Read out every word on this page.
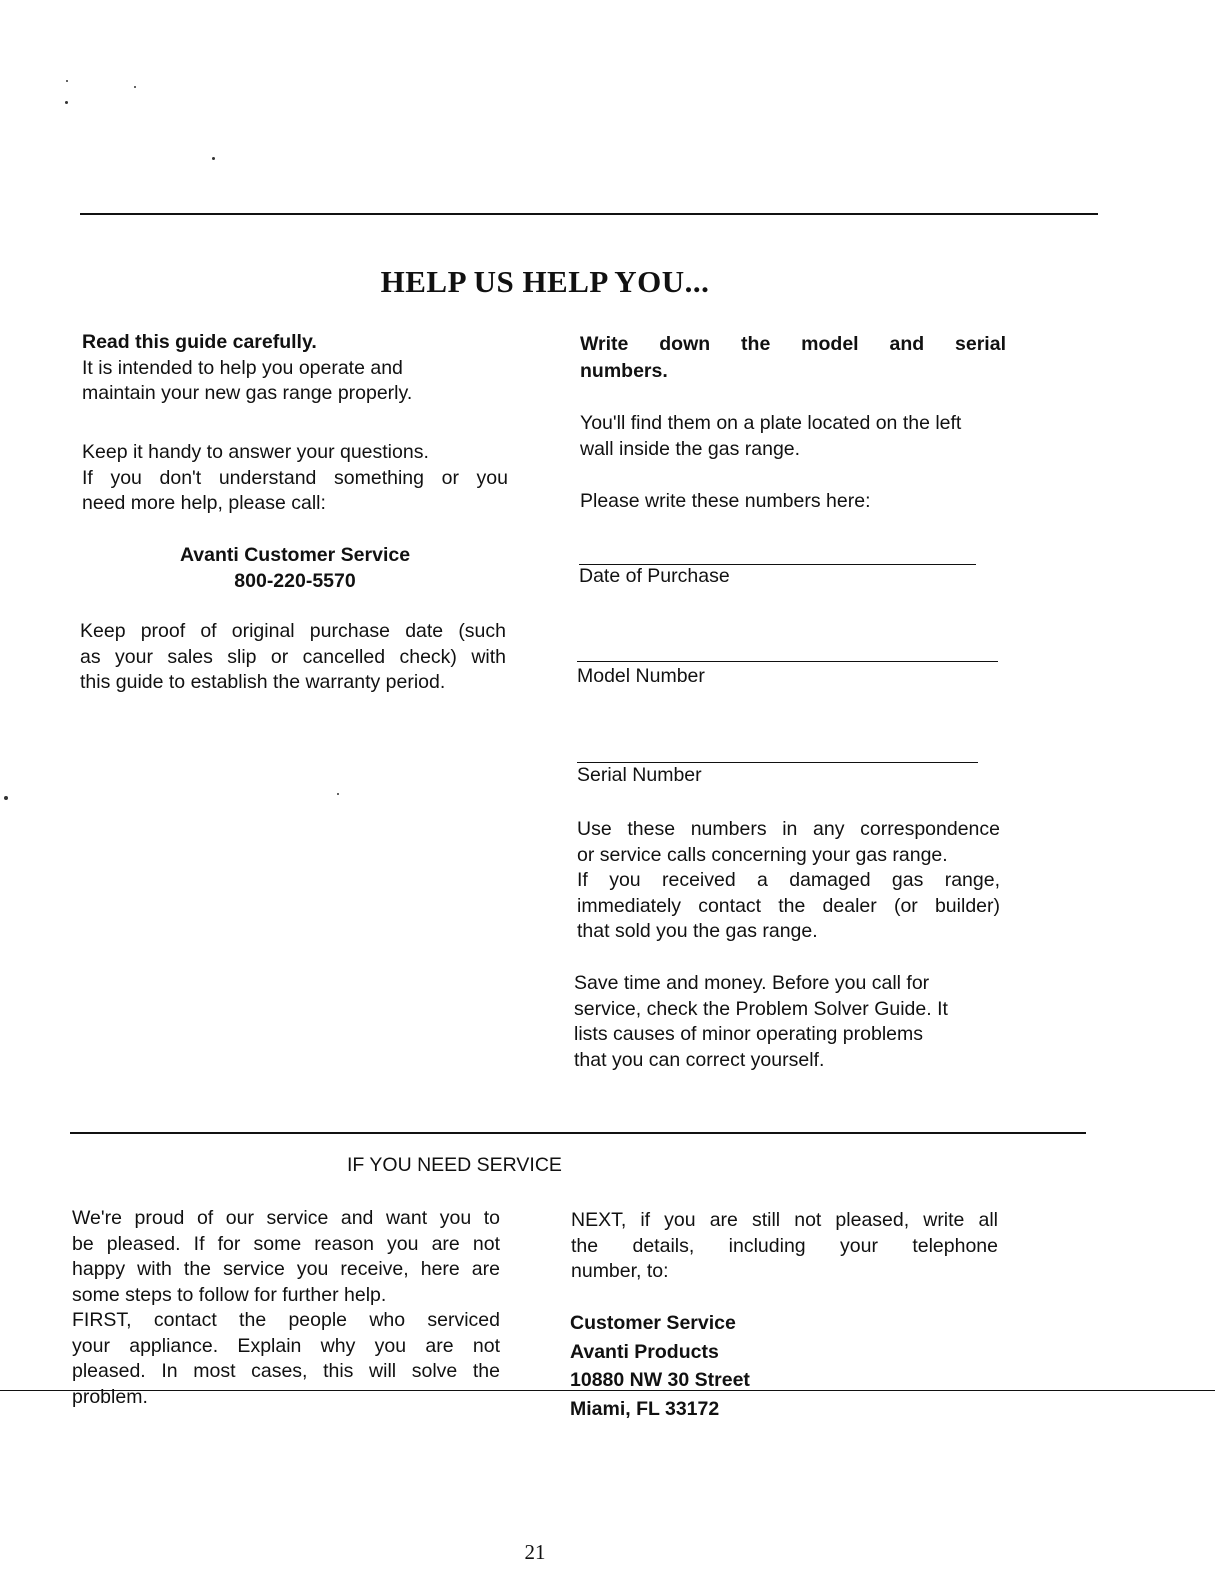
HELP US HELP YOU...
Read this guide carefully.
It is intended to help you operate and
maintain your new gas range properly.
Keep it handy to answer your questions.
If you don't understand something or you
need more help, please call:
Avanti Customer Service
800-220-5570
Keep proof of original purchase date (such
as your sales slip or cancelled check) with
this guide to establish the warranty period.
Write down the model and serial
numbers.
You'll find them on a plate located on the left
wall inside the gas range.
Please write these numbers here:
Date of Purchase
Model Number
Serial Number
Use these numbers in any correspondence
or service calls concerning your gas range.
If you received a damaged gas range,
immediately contact the dealer (or builder)
that sold you the gas range.
Save time and money. Before you call for
service, check the Problem Solver Guide. It
lists causes of minor operating problems
that you can correct yourself.
IF YOU NEED SERVICE
We're proud of our service and want you to
be pleased. If for some reason you are not
happy with the service you receive, here are
some steps to follow for further help.
FIRST, contact the people who serviced
your appliance. Explain why you are not
pleased. In most cases, this will solve the
problem.
NEXT, if you are still not pleased, write all
the details, including your telephone
number, to:
Customer Service
Avanti Products
10880 NW 30 Street
Miami, FL 33172
21
